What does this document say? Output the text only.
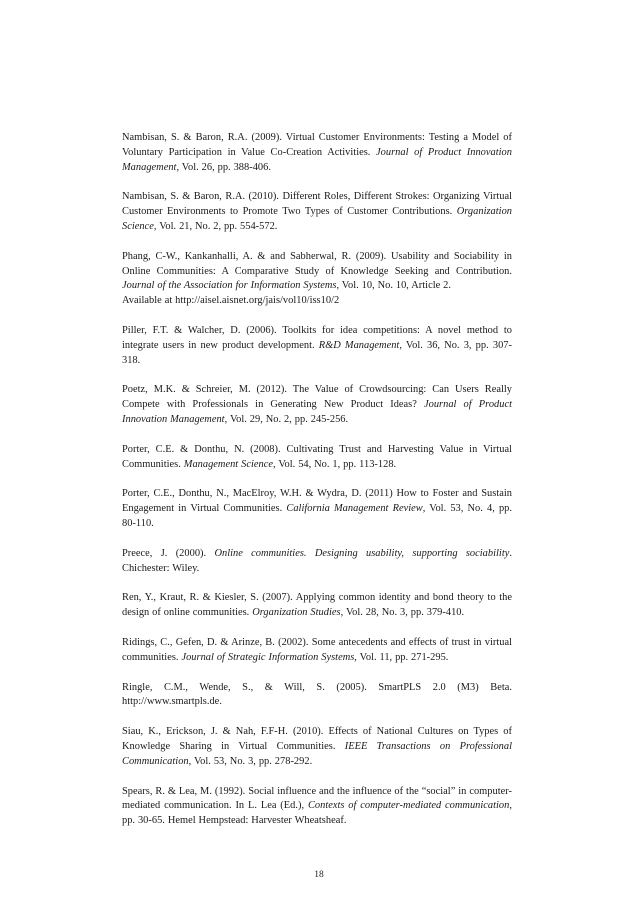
Nambisan, S. & Baron, R.A. (2009). Virtual Customer Environments: Testing a Model of Voluntary Participation in Value Co-Creation Activities. Journal of Product Innovation Management, Vol. 26, pp. 388-406.

Nambisan, S. & Baron, R.A. (2010). Different Roles, Different Strokes: Organizing Virtual Customer Environments to Promote Two Types of Customer Contributions. Organization Science, Vol. 21, No. 2, pp. 554-572.

Phang, C-W., Kankanhalli, A. & and Sabherwal, R. (2009). Usability and Sociability in Online Communities: A Comparative Study of Knowledge Seeking and Contribution. Journal of the Association for Information Systems, Vol. 10, No. 10, Article 2.
Available at http://aisel.aisnet.org/jais/vol10/iss10/2

Piller, F.T. & Walcher, D. (2006). Toolkits for idea competitions: A novel method to integrate users in new product development. R&D Management, Vol. 36, No. 3, pp. 307-318.

Poetz, M.K. & Schreier, M. (2012). The Value of Crowdsourcing: Can Users Really Compete with Professionals in Generating New Product Ideas? Journal of Product Innovation Management, Vol. 29, No. 2, pp. 245-256.

Porter, C.E. & Donthu, N. (2008). Cultivating Trust and Harvesting Value in Virtual Communities. Management Science, Vol. 54, No. 1, pp. 113-128.

Porter, C.E., Donthu, N., MacElroy, W.H. & Wydra, D. (2011) How to Foster and Sustain Engagement in Virtual Communities. California Management Review, Vol. 53, No. 4, pp. 80-110.

Preece, J. (2000). Online communities. Designing usability, supporting sociability. Chichester: Wiley.

Ren, Y., Kraut, R. & Kiesler, S. (2007). Applying common identity and bond theory to the design of online communities. Organization Studies, Vol. 28, No. 3, pp. 379-410.

Ridings, C., Gefen, D. & Arinze, B. (2002). Some antecedents and effects of trust in virtual communities. Journal of Strategic Information Systems, Vol. 11, pp. 271-295.

Ringle, C.M., Wende, S., & Will, S. (2005). SmartPLS 2.0 (M3) Beta. http://www.smartpls.de.

Siau, K., Erickson, J. & Nah, F.F-H. (2010). Effects of National Cultures on Types of Knowledge Sharing in Virtual Communities. IEEE Transactions on Professional Communication, Vol. 53, No. 3, pp. 278-292.

Spears, R. & Lea, M. (1992). Social influence and the influence of the “social” in computer-mediated communication. In L. Lea (Ed.), Contexts of computer-mediated communication, pp. 30-65. Hemel Hempstead: Harvester Wheatsheaf.

18
